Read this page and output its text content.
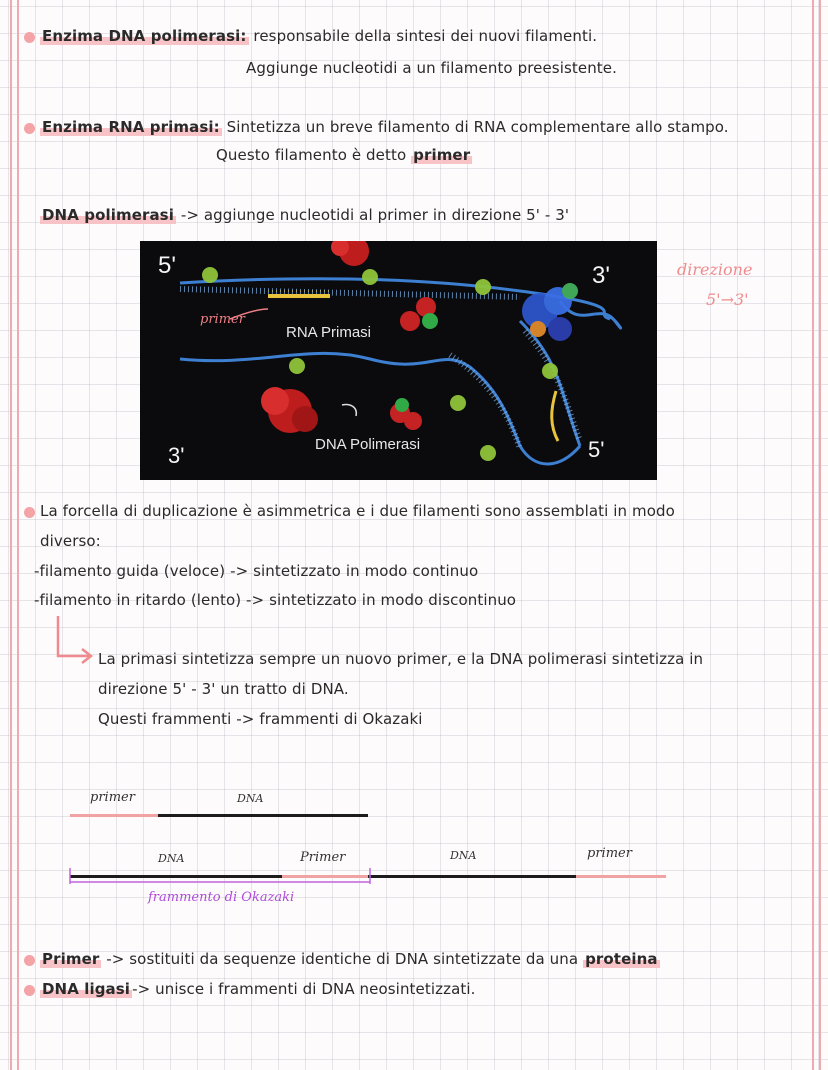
Enzima DNA polimerasi: responsabile della sintesi dei nuovi filamenti.
Aggiunge nucleotidi a un filamento preesistente.
Enzima RNA primasi: Sintetizza un breve filamento di RNA complementare allo stampo.
Questo filamento è detto primer
DNA polimerasi -> aggiunge nucleotidi al primer in direzione 5' - 3'
5'	3'
3'	5'
primer
RNA Primasi
DNA Polimerasi
direzione
5'→3'
La forcella di duplicazione è asimmetrica e i due filamenti sono assemblati in modo
diverso:
-filamento guida (veloce) -> sintetizzato in modo continuo
-filamento in ritardo (lento) -> sintetizzato in modo discontinuo
La primasi sintetizza sempre un nuovo primer, e la DNA polimerasi sintetizza in
direzione 5' - 3' un tratto di DNA.
Questi frammenti -> frammenti di Okazaki
primer	DNA
DNA	Primer	DNA	primer
frammento di Okazaki
Primer -> sostituiti da sequenze identiche di DNA sintetizzate da una proteina
DNA ligasi -> unisce i frammenti di DNA neosintetizzati.
